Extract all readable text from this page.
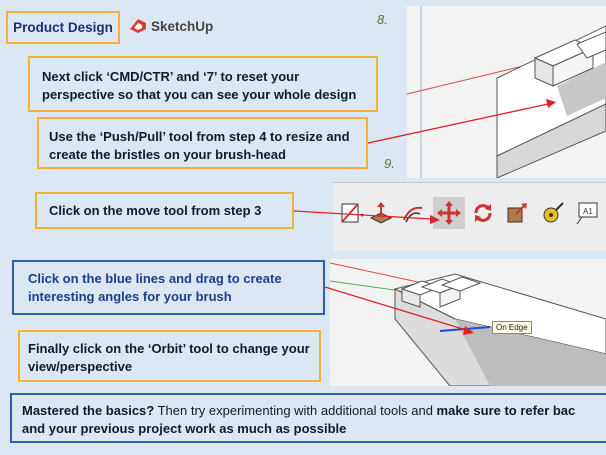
Product Design	SketchUp	8.
9.
A1
On Edge
Next click ‘CMD/CTR’ and ‘7’ to reset your perspective so that you can see your whole design
Use the ‘Push/Pull’ tool from step 4 to resize and create the bristles on your brush-head
Click on the move tool from step 3
Click on the blue lines and drag to create interesting angles for your brush
Finally click on the ‘Orbit’ tool to change your view/perspective
Mastered the basics? Then try experimenting with additional tools and make sure to refer bac
and your previous project work as much as possible
